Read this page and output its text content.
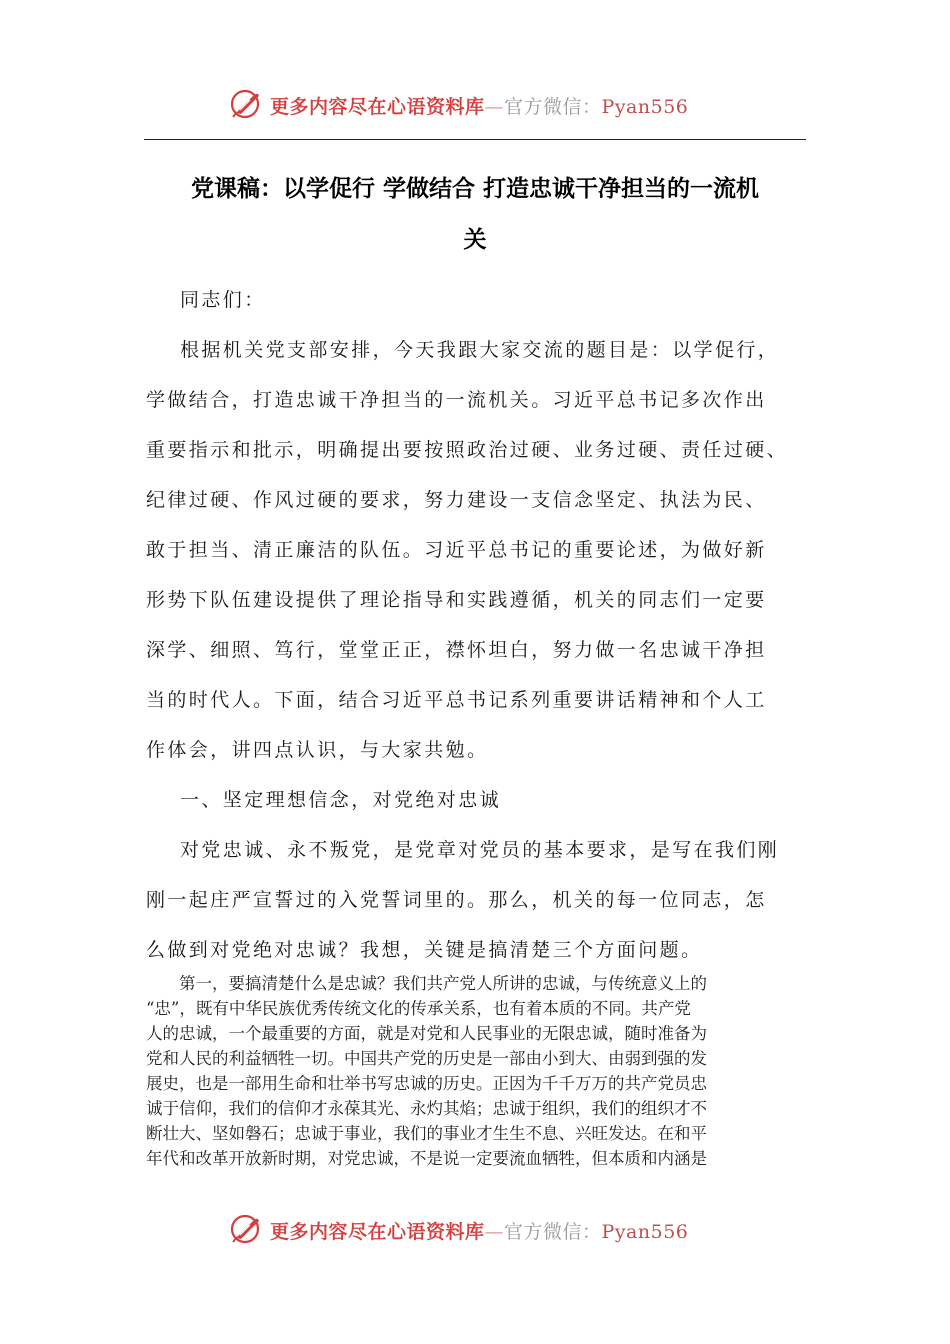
更多内容尽在心语资料库—官方微信：Pyan556
党课稿：以学促行 学做结合 打造忠诚干净担当的一流机
关
同志们：
根据机关党支部安排，今天我跟大家交流的题目是：以学促行，
学做结合，打造忠诚干净担当的一流机关。习近平总书记多次作出
重要指示和批示，明确提出要按照政治过硬、业务过硬、责任过硬、
纪律过硬、作风过硬的要求，努力建设一支信念坚定、执法为民、
敢于担当、清正廉洁的队伍。习近平总书记的重要论述，为做好新
形势下队伍建设提供了理论指导和实践遵循，机关的同志们一定要
深学、细照、笃行，堂堂正正，襟怀坦白，努力做一名忠诚干净担
当的时代人。下面，结合习近平总书记系列重要讲话精神和个人工
作体会，讲四点认识，与大家共勉。
一、坚定理想信念，对党绝对忠诚
对党忠诚、永不叛党，是党章对党员的基本要求，是写在我们刚
刚一起庄严宣誓过的入党誓词里的。那么，机关的每一位同志，怎
么做到对党绝对忠诚？我想，关键是搞清楚三个方面问题。
第一，要搞清楚什么是忠诚？我们共产党人所讲的忠诚，与传统意义上的
“忠”，既有中华民族优秀传统文化的传承关系，也有着本质的不同。共产党
人的忠诚，一个最重要的方面，就是对党和人民事业的无限忠诚，随时准备为
党和人民的利益牺牲一切。中国共产党的历史是一部由小到大、由弱到强的发
展史，也是一部用生命和壮举书写忠诚的历史。正因为千千万万的共产党员忠
诚于信仰，我们的信仰才永葆其光、永灼其焰；忠诚于组织，我们的组织才不
断壮大、坚如磐石；忠诚于事业，我们的事业才生生不息、兴旺发达。在和平
年代和改革开放新时期，对党忠诚，不是说一定要流血牺牲，但本质和内涵是
更多内容尽在心语资料库—官方微信：Pyan556
